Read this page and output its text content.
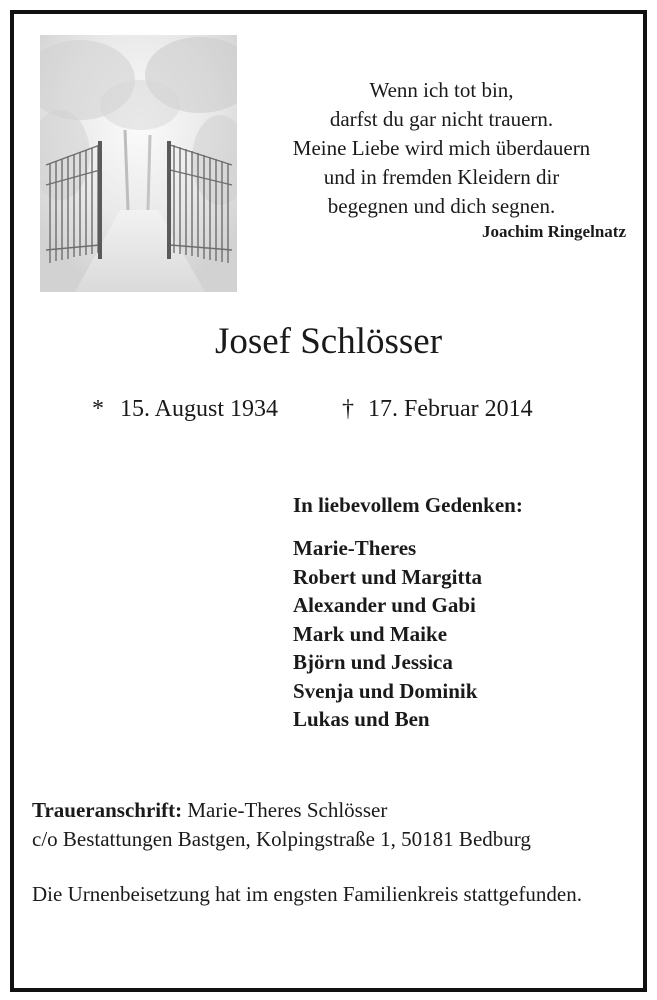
Wenn ich tot bin,
darfst du gar nicht trauern.
Meine Liebe wird mich überdauern
und in fremden Kleidern dir
begegnen und dich segnen.
Joachim Ringelnatz
Josef Schlösser
* 15. August 1934	† 17. Februar 2014
In liebevollem Gedenken:
Marie-Theres
Robert und Margitta
Alexander und Gabi
Mark und Maike
Björn und Jessica
Svenja und Dominik
Lukas und Ben
Traueranschrift: Marie-Theres Schlösser
c/o Bestattungen Bastgen, Kolpingstraße 1, 50181 Bedburg
Die Urnenbeisetzung hat im engsten Familienkreis stattgefunden.
